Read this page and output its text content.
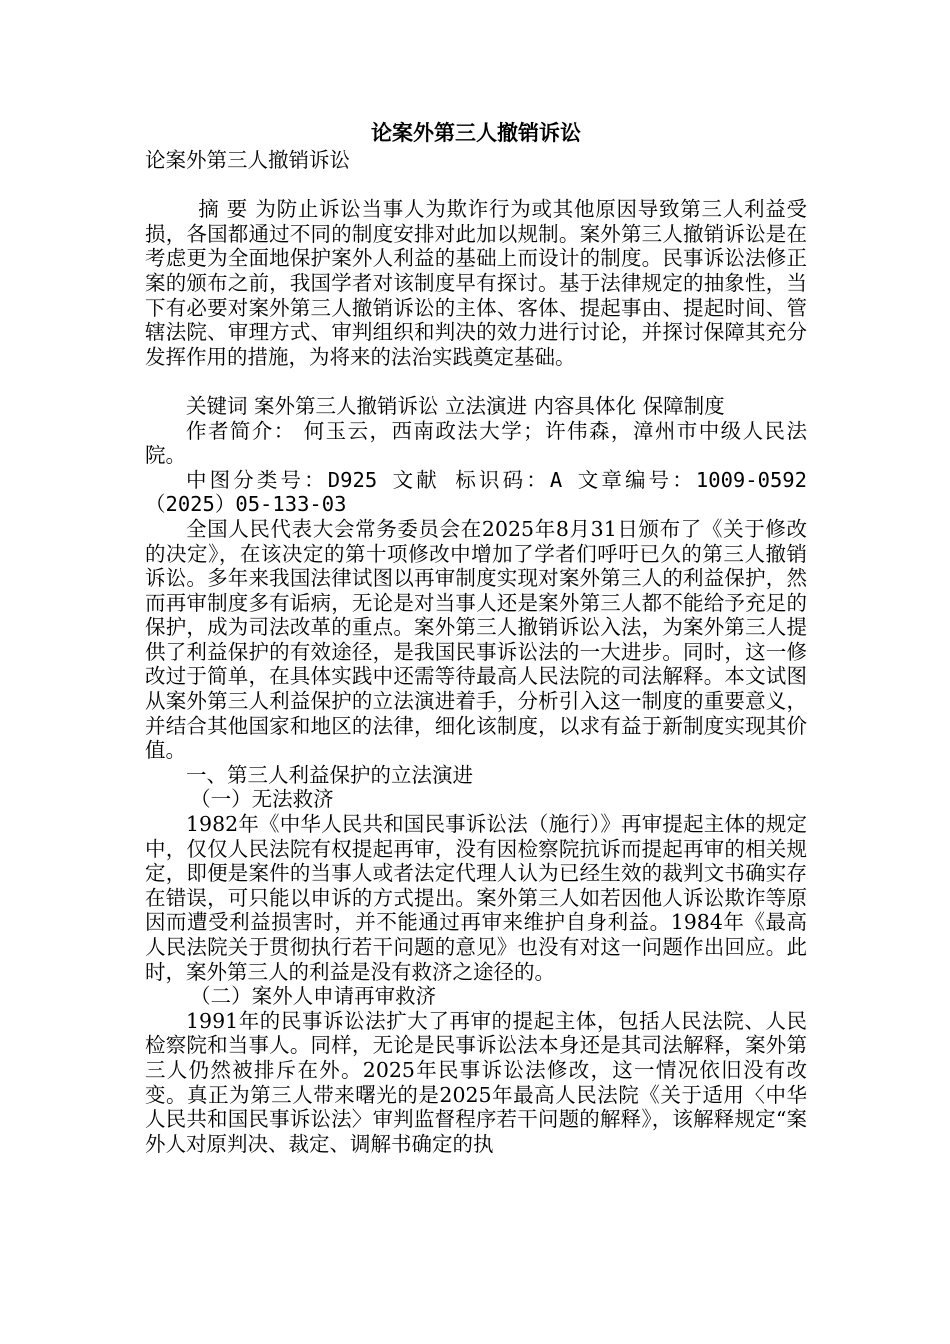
论案外第三人撤销诉讼

论案外第三人撤销诉讼

摘 要 为防止诉讼当事人为欺诈行为或其他原因导致第三人利益受损，各国都通过不同的制度安排对此加以规制。案外第三人撤销诉讼是在考虑更为全面地保护案外人利益的基础上而设计的制度。民事诉讼法修正案的颁布之前，我国学者对该制度早有探讨。基于法律规定的抽象性，当下有必要对案外第三人撤销诉讼的主体、客体、提起事由、提起时间、管辖法院、审理方式、审判组织和判决的效力进行讨论，并探讨保障其充分发挥作用的措施，为将来的法治实践奠定基础。

关键词 案外第三人撤销诉讼 立法演进 内容具体化 保障制度

作者简介： 何玉云，西南政法大学；许伟森，漳州市中级人民法院。

中图分类号：D925 文献 标识码：A 文章编号：1009-0592（2025）05-133-03

全国人民代表大会常务委员会在2025年8月31日颁布了《关于修改的决定》，在该决定的第十项修改中增加了学者们呼吁已久的第三人撤销诉讼。多年来我国法律试图以再审制度实现对案外第三人的利益保护，然而再审制度多有诟病，无论是对当事人还是案外第三人都不能给予充足的保护，成为司法改革的重点。案外第三人撤销诉讼入法，为案外第三人提供了利益保护的有效途径，是我国民事诉讼法的一大进步。同时，这一修改过于简单，在具体实践中还需等待最高人民法院的司法解释。本文试图从案外第三人利益保护的立法演进着手，分析引入这一制度的重要意义，并结合其他国家和地区的法律，细化该制度，以求有益于新制度实现其价值。

一、第三人利益保护的立法演进

（一）无法救济

1982年《中华人民共和国民事诉讼法（施行）》再审提起主体的规定中，仅仅人民法院有权提起再审，没有因检察院抗诉而提起再审的相关规定，即便是案件的当事人或者法定代理人认为已经生效的裁判文书确实存在错误，可只能以申诉的方式提出。案外第三人如若因他人诉讼欺诈等原因而遭受利益损害时，并不能通过再审来维护自身利益。1984年《最高人民法院关于贯彻执行若干问题的意见》也没有对这一问题作出回应。此时，案外第三人的利益是没有救济之途径的。

（二）案外人申请再审救济

1991年的民事诉讼法扩大了再审的提起主体，包括人民法院、人民检察院和当事人。同样，无论是民事诉讼法本身还是其司法解释，案外第三人仍然被排斥在外。2025年民事诉讼法修改，这一情况依旧没有改变。真正为第三人带来曙光的是2025年最高人民法院《关于适用〈中华人民共和国民事诉讼法〉审判监督程序若干问题的解释》，该解释规定“案外人对原判决、裁定、调解书确定的执
